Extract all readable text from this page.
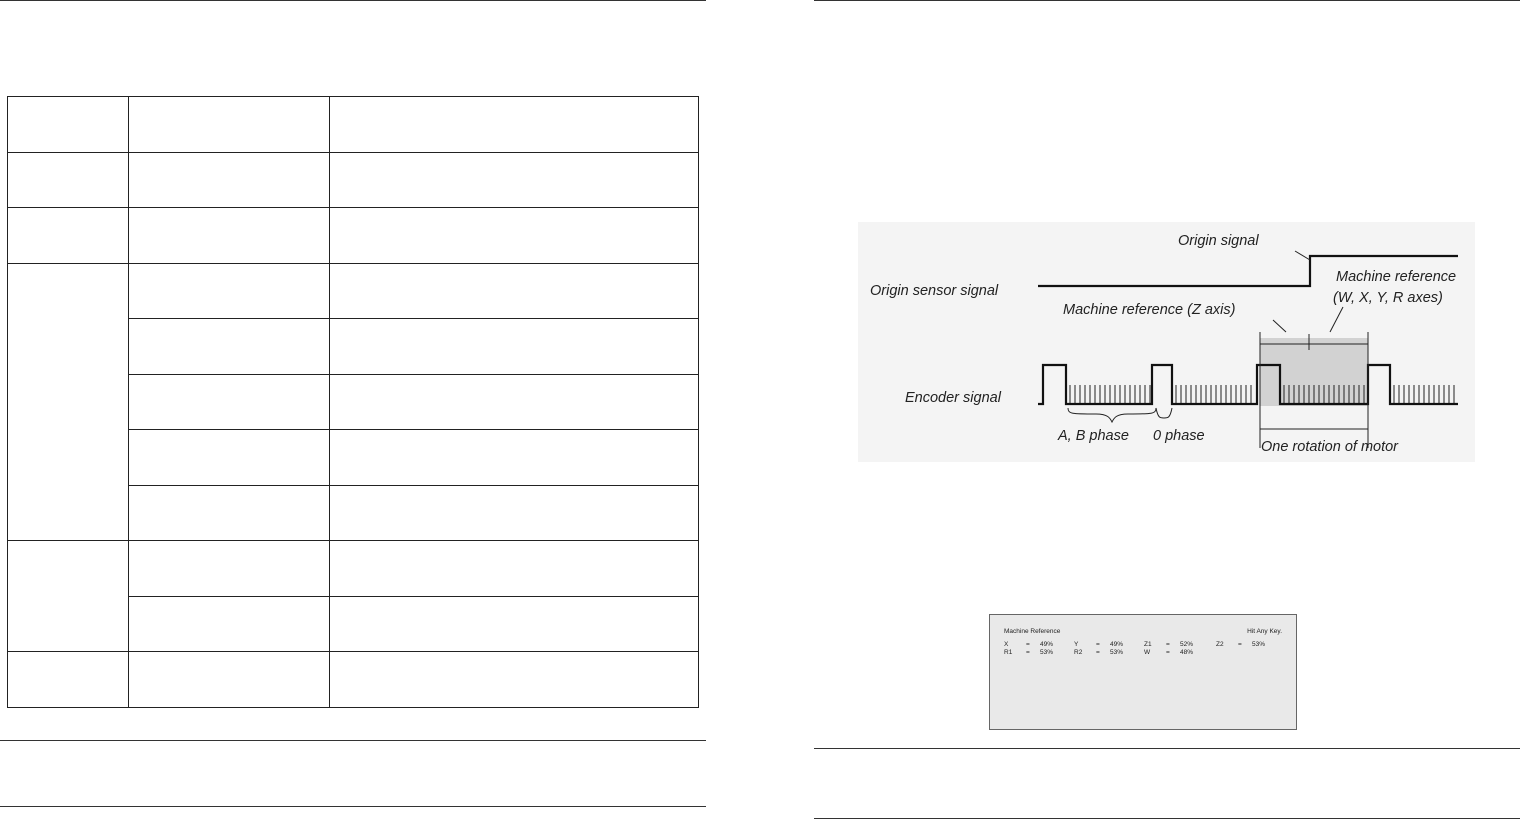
Origin signal
Origin sensor signal
Machine reference (Z axis)
Machine reference
(W, X, Y, R axes)
Encoder signal
A, B phase 0 phase
One rotation of motor
Machine Reference	Hit Any Key.
X	= 49%	Y	= 49%	Z1 = 52%	Z2 = 53%
R1 = 53%	R2 = 53%	W = 48%
